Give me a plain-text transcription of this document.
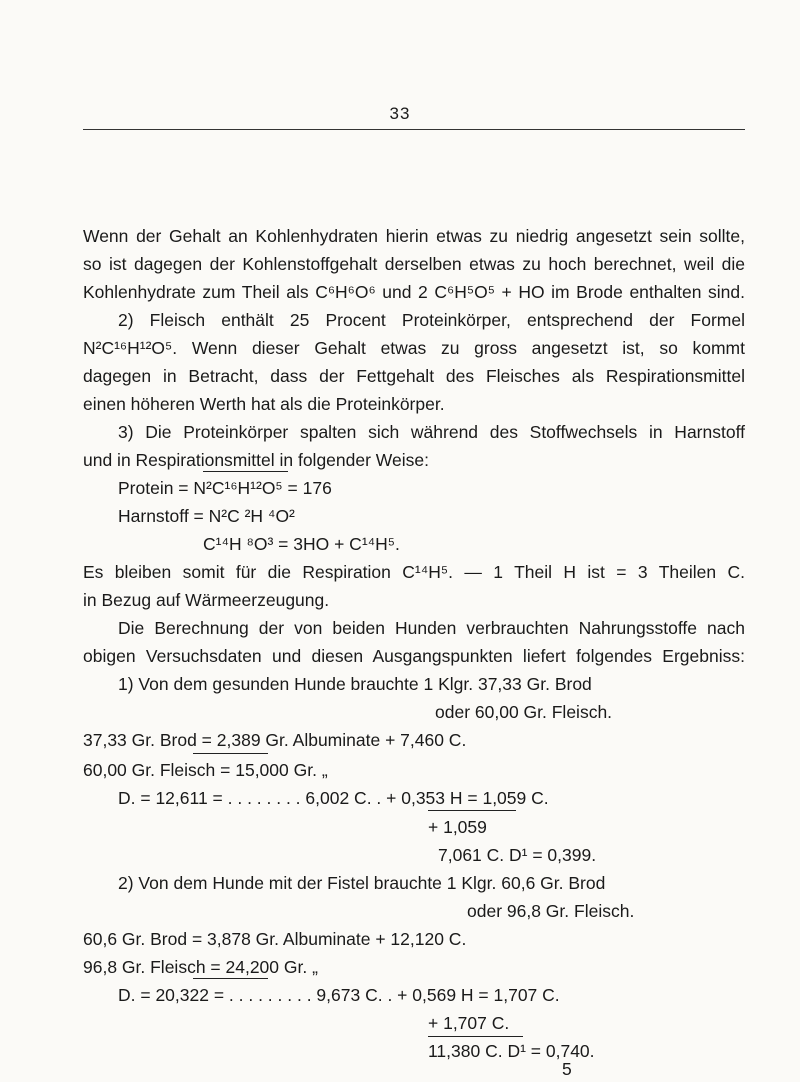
33
Wenn der Gehalt an Kohlenhydraten hierin etwas zu niedrig angesetzt sein sollte,
so ist dagegen der Kohlenstoffgehalt derselben etwas zu hoch berechnet, weil die
Kohlenhydrate zum Theil als C⁶H⁶O⁶ und 2 C⁶H⁵O⁵ + HO im Brode enthalten sind.
2) Fleisch enthält 25 Procent Proteinkörper, entsprechend der Formel
N²C¹⁶H¹²O⁵. Wenn dieser Gehalt etwas zu gross angesetzt ist, so kommt
dagegen in Betracht, dass der Fettgehalt des Fleisches als Respirationsmittel
einen höheren Werth hat als die Proteinkörper.
3) Die Proteinkörper spalten sich während des Stoffwechsels in Harnstoff
und in Respirationsmittel in folgender Weise:
Protein = N²C¹⁶H¹²O⁵ = 176
Harnstoff = N²C ²H ⁴O²
C¹⁴H ⁸O³ = 3HO + C¹⁴H⁵.
Es bleiben somit für die Respiration C¹⁴H⁵. — 1 Theil H ist = 3 Theilen C.
in Bezug auf Wärmeerzeugung.
Die Berechnung der von beiden Hunden verbrauchten Nahrungsstoffe nach
obigen Versuchsdaten und diesen Ausgangspunkten liefert folgendes Ergebniss:
1) Von dem gesunden Hunde brauchte 1 Klgr. 37,33 Gr. Brod
oder 60,00 Gr. Fleisch.
37,33 Gr. Brod = 2,389 Gr. Albuminate + 7,460 C.
60,00 Gr. Fleisch = 15,000 Gr. „
D. = 12,611 = . . . . . . . . 6,002 C. . + 0,353 H = 1,059 C.
+ 1,059
7,061 C. D¹ = 0,399.
2) Von dem Hunde mit der Fistel brauchte 1 Klgr. 60,6 Gr. Brod
oder 96,8 Gr. Fleisch.
60,6 Gr. Brod = 3,878 Gr. Albuminate + 12,120 C.
96,8 Gr. Fleisch = 24,200 Gr. „
D. = 20,322 = . . . . . . . . . 9,673 C. . + 0,569 H = 1,707 C.
+ 1,707 C.
11,380 C. D¹ = 0,740.
5
